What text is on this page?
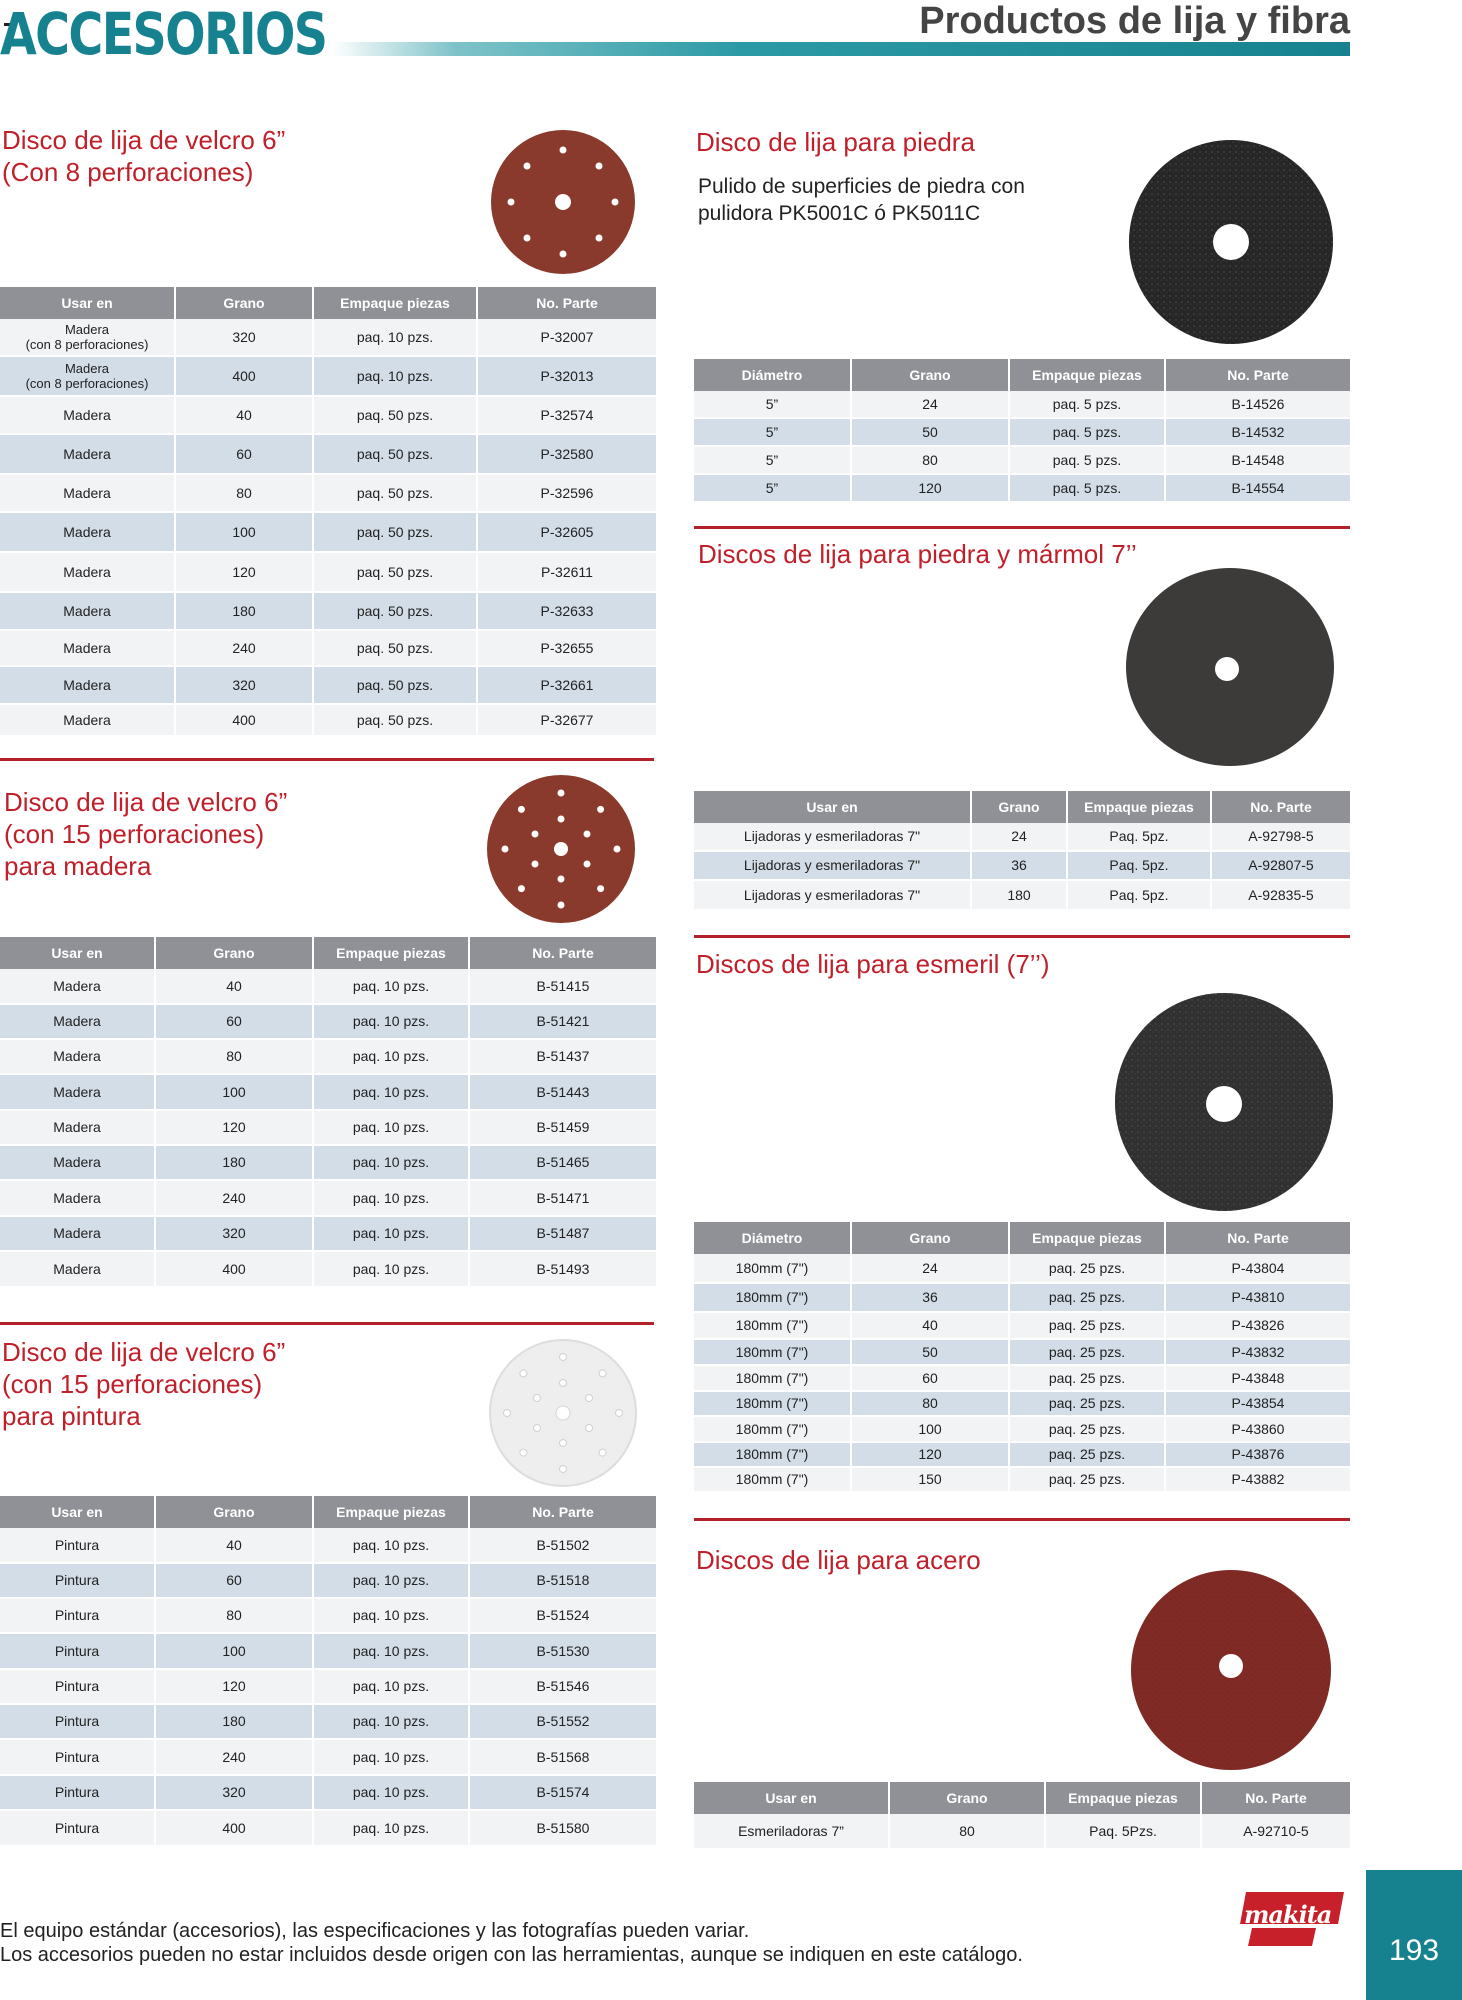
ACCESORIOS	Productos de lija y fibra
Disco de lija de velcro 6”
(Con 8 perforaciones)
Usar en	Grano	Empaque piezas	No. Parte
Madera
(con 8 perforaciones)	320	paq. 10 pzs.	P-32007
Madera
(con 8 perforaciones)	400	paq. 10 pzs.	P-32013
Madera	40	paq. 50 pzs.	P-32574
Madera	60	paq. 50 pzs.	P-32580
Madera	80	paq. 50 pzs.	P-32596
Madera	100	paq. 50 pzs.	P-32605
Madera	120	paq. 50 pzs.	P-32611
Madera	180	paq. 50 pzs.	P-32633
Madera	240	paq. 50 pzs.	P-32655
Madera	320	paq. 50 pzs.	P-32661
Madera	400	paq. 50 pzs.	P-32677
Disco de lija de velcro 6”
(con 15 perforaciones)
para madera
Usar en	Grano	Empaque piezas	No. Parte
Madera	40	paq. 10 pzs.	B-51415
Madera	60	paq. 10 pzs.	B-51421
Madera	80	paq. 10 pzs.	B-51437
Madera	100	paq. 10 pzs.	B-51443
Madera	120	paq. 10 pzs.	B-51459
Madera	180	paq. 10 pzs.	B-51465
Madera	240	paq. 10 pzs.	B-51471
Madera	320	paq. 10 pzs.	B-51487
Madera	400	paq. 10 pzs.	B-51493
Disco de lija de velcro 6”
(con 15 perforaciones)
para pintura
Usar en	Grano	Empaque piezas	No. Parte
Pintura	40	paq. 10 pzs.	B-51502
Pintura	60	paq. 10 pzs.	B-51518
Pintura	80	paq. 10 pzs.	B-51524
Pintura	100	paq. 10 pzs.	B-51530
Pintura	120	paq. 10 pzs.	B-51546
Pintura	180	paq. 10 pzs.	B-51552
Pintura	240	paq. 10 pzs.	B-51568
Pintura	320	paq. 10 pzs.	B-51574
Pintura	400	paq. 10 pzs.	B-51580
Disco de lija para piedra
Pulido de superficies de piedra con
pulidora PK5001C ó PK5011C
Diámetro	Grano	Empaque piezas	No. Parte
5”	24	paq. 5 pzs.	B-14526
5”	50	paq. 5 pzs.	B-14532
5”	80	paq. 5 pzs.	B-14548
5”	120	paq. 5 pzs.	B-14554
Discos de lija para piedra y mármol 7’’
Usar en	Grano	Empaque piezas	No. Parte
Lijadoras y esmeriladoras 7"	24	Paq. 5pz.	A-92798-5
Lijadoras y esmeriladoras 7"	36	Paq. 5pz.	A-92807-5
Lijadoras y esmeriladoras 7"	180	Paq. 5pz.	A-92835-5
Discos de lija para esmeril (7’’)
Diámetro	Grano	Empaque piezas	No. Parte
180mm (7")	24	paq. 25 pzs.	P-43804
180mm (7")	36	paq. 25 pzs.	P-43810
180mm (7")	40	paq. 25 pzs.	P-43826
180mm (7")	50	paq. 25 pzs.	P-43832
180mm (7")	60	paq. 25 pzs.	P-43848
180mm (7")	80	paq. 25 pzs.	P-43854
180mm (7")	100	paq. 25 pzs.	P-43860
180mm (7")	120	paq. 25 pzs.	P-43876
180mm (7")	150	paq. 25 pzs.	P-43882
Discos de lija para acero
Usar en	Grano	Empaque piezas	No. Parte
Esmeriladoras 7”	80	Paq. 5Pzs.	A-92710-5
El equipo estándar (accesorios), las especificaciones y las fotografías pueden variar.
Los accesorios pueden no estar incluidos desde origen con las herramientas, aunque se indiquen en este catálogo.
makita
193
